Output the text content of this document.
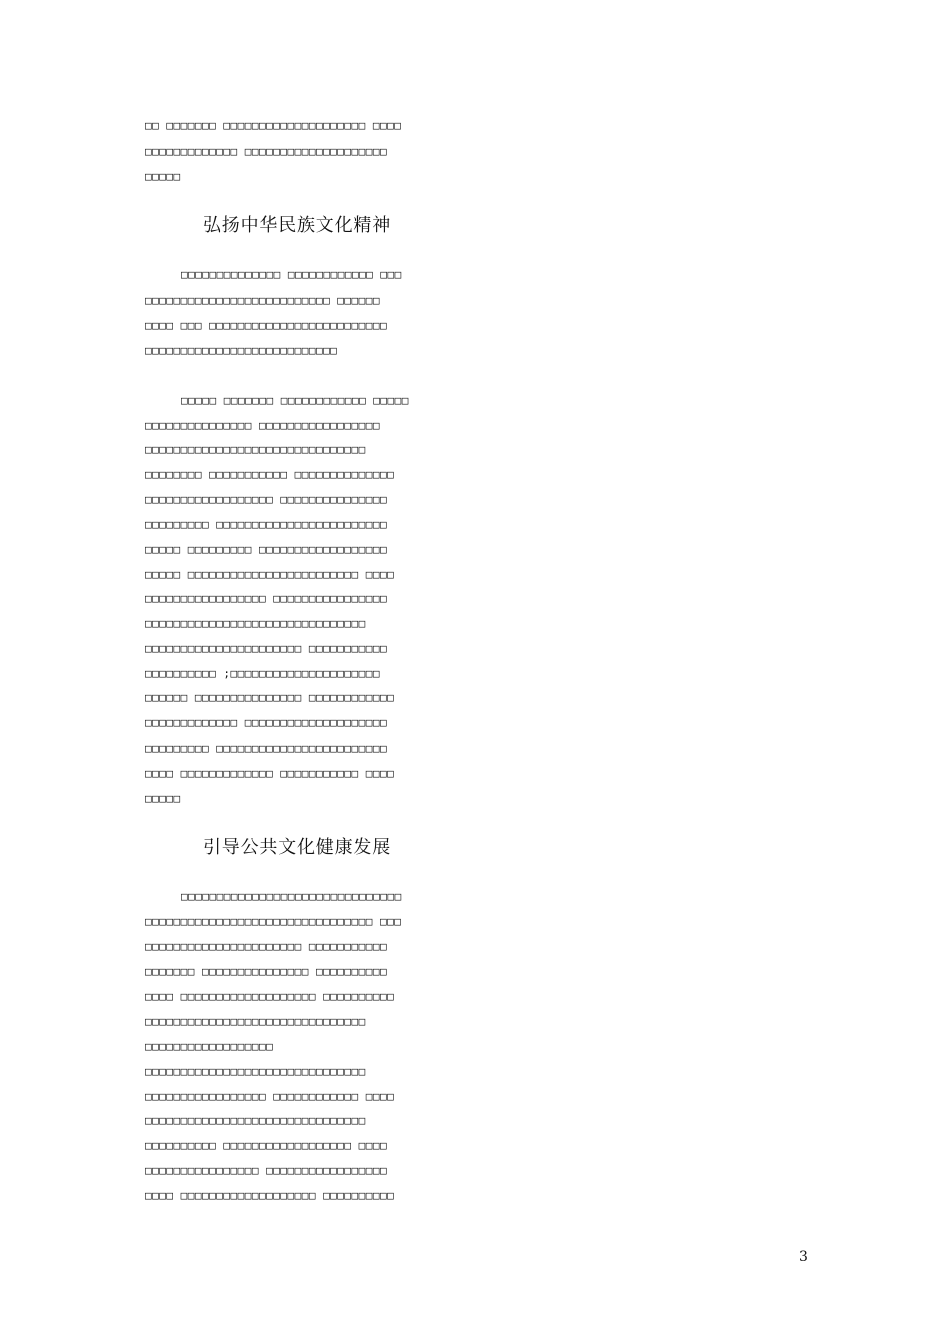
□□ □□□□□□□ □□□□□□□□□□□□□□□□□□□□ □□□□
□□□□□□□□□□□□□ □□□□□□□□□□□□□□□□□□□□
□□□□□
弘扬中华民族文化精神
□□□□□□□□□□□□□□ □□□□□□□□□□□□ □□□
□□□□□□□□□□□□□□□□□□□□□□□□□□ □□□□□□
□□□□ □□□ □□□□□□□□□□□□□□□□□□□□□□□□□
□□□□□□□□□□□□□□□□□□□□□□□□□□□
□□□□□ □□□□□□□ □□□□□□□□□□□□ □□□□□
□□□□□□□□□□□□□□□ □□□□□□□□□□□□□□□□□
□□□□□□□□□□□□□□□□□□□□□□□□□□□□□□□
□□□□□□□□ □□□□□□□□□□□ □□□□□□□□□□□□□□
□□□□□□□□□□□□□□□□□□ □□□□□□□□□□□□□□□
□□□□□□□□□ □□□□□□□□□□□□□□□□□□□□□□□□
□□□□□ □□□□□□□□□ □□□□□□□□□□□□□□□□□□
□□□□□ □□□□□□□□□□□□□□□□□□□□□□□□ □□□□
□□□□□□□□□□□□□□□□□ □□□□□□□□□□□□□□□□
□□□□□□□□□□□□□□□□□□□□□□□□□□□□□□□
□□□□□□□□□□□□□□□□□□□□□□ □□□□□□□□□□□
□□□□□□□□□□ ;□□□□□□□□□□□□□□□□□□□□□
□□□□□□ □□□□□□□□□□□□□□□ □□□□□□□□□□□□
□□□□□□□□□□□□□ □□□□□□□□□□□□□□□□□□□□
□□□□□□□□□ □□□□□□□□□□□□□□□□□□□□□□□□
□□□□ □□□□□□□□□□□□□ □□□□□□□□□□□ □□□□
□□□□□
引导公共文化健康发展
□□□□□□□□□□□□□□□□□□□□□□□□□□□□□□□
□□□□□□□□□□□□□□□□□□□□□□□□□□□□□□□□ □□□
□□□□□□□□□□□□□□□□□□□□□□ □□□□□□□□□□□
□□□□□□□ □□□□□□□□□□□□□□□ □□□□□□□□□□
□□□□ □□□□□□□□□□□□□□□□□□□ □□□□□□□□□□
□□□□□□□□□□□□□□□□□□□□□□□□□□□□□□□
□□□□□□□□□□□□□□□□□□
□□□□□□□□□□□□□□□□□□□□□□□□□□□□□□□
□□□□□□□□□□□□□□□□□ □□□□□□□□□□□□ □□□□
□□□□□□□□□□□□□□□□□□□□□□□□□□□□□□□
□□□□□□□□□□ □□□□□□□□□□□□□□□□□□ □□□□
□□□□□□□□□□□□□□□□ □□□□□□□□□□□□□□□□□
□□□□ □□□□□□□□□□□□□□□□□□□ □□□□□□□□□□
3
